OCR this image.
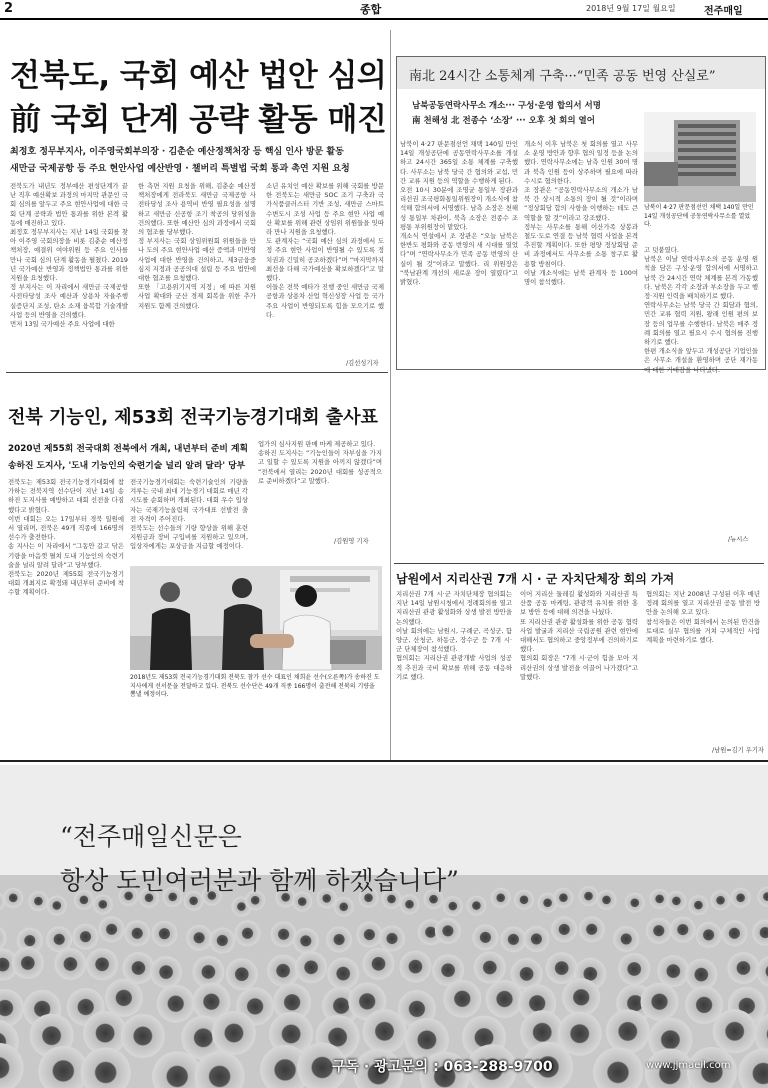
2	종합	2018년 9월 17일 월요일	전주매일
전북도, 국회 예산 법안 심의
前 국회 단계 공략 활동 매진
최정호 정무부지사, 이주영국회부의장 · 김춘순 예산정책처장 등 핵심 인사 방문 활동
새만금 국제공항 등 주요 현안사업 예산반영 · 챌버리 특별법 국회 통과 촉연 지원 요청
전북도가 내년도 정부예산 편성단계가 끝난 직후 예산확보 과정의 마지막 관문인 국회 심의를 앞두고 주요 현안사업에 대한 국회 단계 공략과 법안 통과를 위한 본격 활동에 매진하고 있다.
최정호 정무부지사는 지난 14일 국회를 찾아 이주영 국회의장을 비롯 김춘순 예산정책처장, 예결위 여야위원 등 주요 인사를 만나 국회 심의 단계 활동을 펼쳤다. 2019년 국가예산 반영과 정책법안 통과를 위한 지원을 요청했다.
정 부지사는 이 자리에서 새만금 국제공항 사전타당성 조사 예산과 상용차 자율주행 실증단지 조성, 탄소 소재 융복합 기술개발 사업 등의 반영을 건의했다.
먼저 13일 국가예산 주요 사업에 대한
한 측면 지원 요청을 위해, 김춘순 예산정책처장에게 전라북도 새만금 국제공항 사전타당성 조사 용역비 반영 필요성을 설명하고 새만금 신공항 조기 착공의 당위성을 건의했다. 또한 예산안 심의 과정에서 국회의 협조를 당부했다.
정 부지사는 국회 상임위원회 위원들을 만나 도의 주요 현안사업 예산 증액과 미반영 사업에 대한 반영을 건의하고, 제3금융중심지 지정과 공공의대 설립 등 주요 법안에 대한 협조를 요청했다.
또한 「고용위기지역 지정」에 따른 지원사업 확대와 군산 경제 회복을 위한 추가 지원도 함께 건의했다.
소년 유치인 예산 확보를 위해 국회를 방문한 전북도는 새만금 SOC 조기 구축과 국가식품클러스터 기반 조성, 새만금 스마트 수변도시 조성 사업 등 주요 현안 사업 예산 확보를 위해 관련 상임위 위원들을 잇따라 만나 지원을 요청했다.
도 관계자는 “국회 예산 심의 과정에서 도정 주요 현안 사업이 반영될 수 있도록 정치권과 긴밀히 공조하겠다”며 “마지막까지 최선을 다해 국가예산을 확보하겠다”고 말했다.
이들은 전북 예타가 진행 중인 새만금 국제공항과 상용차 산업 혁신성장 사업 등 국가 주요 사업이 반영되도록 힘을 모으기로 했다.
/김선성기자
南北 24시간 소통체계 구축···“민족 공동 번영 산실로”
남북공동연락사무소 개소··· 구성·운영 합의서 서명
南 천해성 北 전종수 ‘소장’ ··· 오후 첫 회의 열어
남북이 4·27 판문점선언 채택 140일 만인 14일 개성공단에 공동연락사무소를 개설하고 24시간 365일 소통 체계를 구축했다. 사무소는 남북 당국 간 협의와 교섭, 민간 교류 지원 등의 역할을 수행하게 된다.
오전 10시 30분에 조명균 통일부 장관과 리선권 조국평화통일위원장이 개소식에 참석해 합의서에 서명했다. 남측 소장은 천해성 통일부 차관이, 북측 소장은 전종수 조평통 부위원장이 맡았다.
개소식 연설에서 조 장관은 “오늘 남북은 한반도 평화와 공동 번영의 새 시대를 열었다”며 “연락사무소가 민족 공동 번영의 산실이 될 것”이라고 말했다. 리 위원장은 “북남관계 개선의 새로운 장이 열렸다”고 밝혔다.
개소식 이후 남북은 첫 회의를 열고 사무소 운영 방안과 향후 협의 일정 등을 논의했다. 연락사무소에는 남측 인원 30여 명과 북측 인원 등이 상주하며 필요에 따라 수시로 협의한다.
조 장관은 “공동연락사무소의 개소가 남북 간 상시적 소통의 장이 될 것”이라며 “정상회담 합의 사항을 이행하는 데도 큰 역할을 할 것”이라고 강조했다.
정부는 사무소를 통해 이산가족 상봉과 철도·도로 연결 등 남북 협력 사업을 본격 추진할 계획이다. 또한 평양 정상회담 준비 과정에서도 사무소를 소통 창구로 활용할 방침이다.
이날 개소식에는 남북 관계자 등 100여 명이 참석했다.
남북이 4·27 판문점선언 채택 140일 만인 14일 개성공단에 공동연락사무소를 열었다.
고 덧붙였다.
남북은 이날 연락사무소의 공동 운영 원칙을 담은 구성·운영 합의서에 서명하고 남북 간 24시간 연락 체계를 본격 가동했다. 남북은 각각 소장과 부소장을 두고 행정·지원 인력을 배치하기로 했다.
연락사무소는 남북 당국 간 회담과 협의, 민간 교류 협력 지원, 왕래 인원 편의 보장 등의 업무를 수행한다. 남북은 매주 정례 회의를 열고 필요시 수시 협의를 진행하기로 했다.
한편 개소식을 앞두고 개성공단 기업인들은 사무소 개설을 환영하며 공단 재가동에 대한 기대감을 나타냈다.
/뉴시스
전북 기능인, 제53회 전국기능경기대회 출사표
2020년 제55회 전국대회 전북에서 개최, 내년부터 준비 계획
송하진 도지사, '도내 기능인의 숙련기술 널리 알려 달라' 당부
전북도는 제53회 전국기능경기대회에 참가하는 전북지역 선수단이 지난 14일 송하진 도지사를 예방하고 대회 선전을 다짐했다고 밝혔다.
이번 대회는 오는 17일부터 경북 일원에서 열리며, 전북은 49개 직종에 166명의 선수가 출전한다.
송 지사는 이 자리에서 “그동안 갈고 닦은 기량을 마음껏 펼쳐 도내 기능인의 숙련기술을 널리 알려 달라”고 당부했다.
전북도는 2020년 제55회 전국기능경기대회 개최지로 확정돼 내년부터 준비에 착수할 계획이다.
전국기능경기대회는 숙련기술인의 기량을 겨루는 국내 최대 기능경기 대회로 매년 각 시도를 순회하며 개최된다. 대회 우수 입상자는 국제기능올림픽 국가대표 선발전 출전 자격이 주어진다.
전북도는 선수들의 기량 향상을 위해 훈련 지원금과 장비 구입비를 지원하고 있으며, 입상자에게는 포상금을 지급할 예정이다.
업가의 심사지원 판매 마케 제공하고 있다.
송하진 도지사는 “기능인들이 자부심을 가지고 일할 수 있도록 지원을 아끼지 않겠다”며 “전북에서 열리는 2020년 대회를 성공적으로 준비하겠다”고 말했다.
/김원영 기자
2018년도 제53회 전국기능경기대회 전북도 참가 선수 대표인 채희윤 선수(오른쪽)가 송하진 도지사에게 선서문을 전달하고 있다. 전북도 선수단은 49개 직종 166명이 출전해 전북의 기량을 뽐낼 예정이다.
남원에서 지리산권 7개 시 · 군 자치단체장 회의 가져
지리산권 7개 시·군 자치단체장 협의회는 지난 14일 남원시청에서 정례회의를 열고 지리산권 관광 활성화와 상생 발전 방안을 논의했다.
이날 회의에는 남원시, 구례군, 곡성군, 함양군, 산청군, 하동군, 장수군 등 7개 시·군 단체장이 참석했다.
협의회는 지리산권 관광개발 사업의 성공적 추진과 국비 확보를 위해 공동 대응하기로 했다.
이어 지리산 둘레길 활성화와 지리산권 특산품 공동 마케팅, 관광객 유치를 위한 홍보 방안 등에 대해 의견을 나눴다.
또 지리산권 관광 활성화를 위한 공동 협력 사업 발굴과 지리산 국립공원 관련 현안에 대해서도 협의하고 중앙정부에 건의하기로 했다.
협의회 회장은 “7개 시·군이 힘을 모아 지리산권의 상생 발전을 이끌어 나가겠다”고 말했다.
협의회는 지난 2008년 구성된 이후 매년 정례 회의를 열고 지리산권 공동 발전 방안을 논의해 오고 있다.
참석자들은 이번 회의에서 논의된 안건을 토대로 실무 협의를 거쳐 구체적인 사업 계획을 마련하기로 했다.
/남원=김기 우기자
“전주매일신문은
항상 도민여러분과 함께 하겠습니다”
구독 · 광고문의 : 063-288-9700	www.jjmaeil.com
